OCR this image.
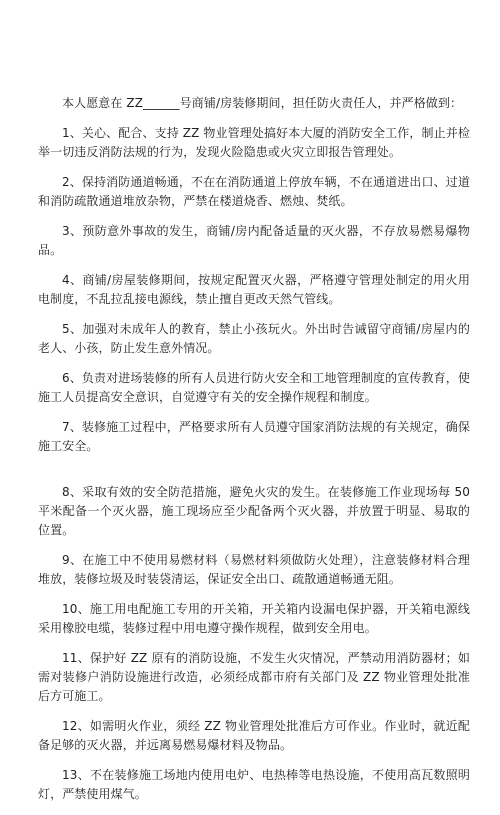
本人愿意在 ZZ______号商铺/房装修期间，担任防火责任人，并严格做到：

1、关心、配合、支持 ZZ 物业管理处搞好本大厦的消防安全工作，制止并检举一切违反消防法规的行为，发现火险隐患或火灾立即报告管理处。

2、保持消防通道畅通，不在在消防通道上停放车辆，不在通道进出口、过道和消防疏散通道堆放杂物，严禁在楼道烧香、燃烛、焚纸。

3、预防意外事故的发生，商铺/房内配备适量的灭火器，不存放易燃易爆物品。

4、商铺/房屋装修期间，按规定配置灭火器，严格遵守管理处制定的用火用电制度，不乱拉乱接电源线，禁止擅自更改天然气管线。

5、加强对未成年人的教育，禁止小孩玩火。外出时告诫留守商铺/房屋内的老人、小孩，防止发生意外情况。

6、负责对进场装修的所有人员进行防火安全和工地管理制度的宣传教育，使施工人员提高安全意识，自觉遵守有关的安全操作规程和制度。

7、装修施工过程中，严格要求所有人员遵守国家消防法规的有关规定，确保施工安全。

8、采取有效的安全防范措施，避免火灾的发生。在装修施工作业现场每 50 平米配备一个灭火器，施工现场应至少配备两个灭火器，并放置于明显、易取的位置。

9、在施工中不使用易燃材料（易燃材料须做防火处理），注意装修材料合理堆放，装修垃圾及时装袋清运，保证安全出口、疏散通道畅通无阻。

10、施工用电配施工专用的开关箱，开关箱内设漏电保护器，开关箱电源线采用橡胶电缆，装修过程中用电遵守操作规程，做到安全用电。

11、保护好 ZZ 原有的消防设施，不发生火灾情况，严禁动用消防器材；如需对装修户消防设施进行改造，必须经成都市府有关部门及 ZZ 物业管理处批准后方可施工。

12、如需明火作业，须经 ZZ 物业管理处批准后方可作业。作业时，就近配备足够的灭火器，并远离易燃易爆材料及物品。

13、不在装修施工场地内使用电炉、电热棒等电热设施，不使用高瓦数照明灯，严禁使用煤气。
